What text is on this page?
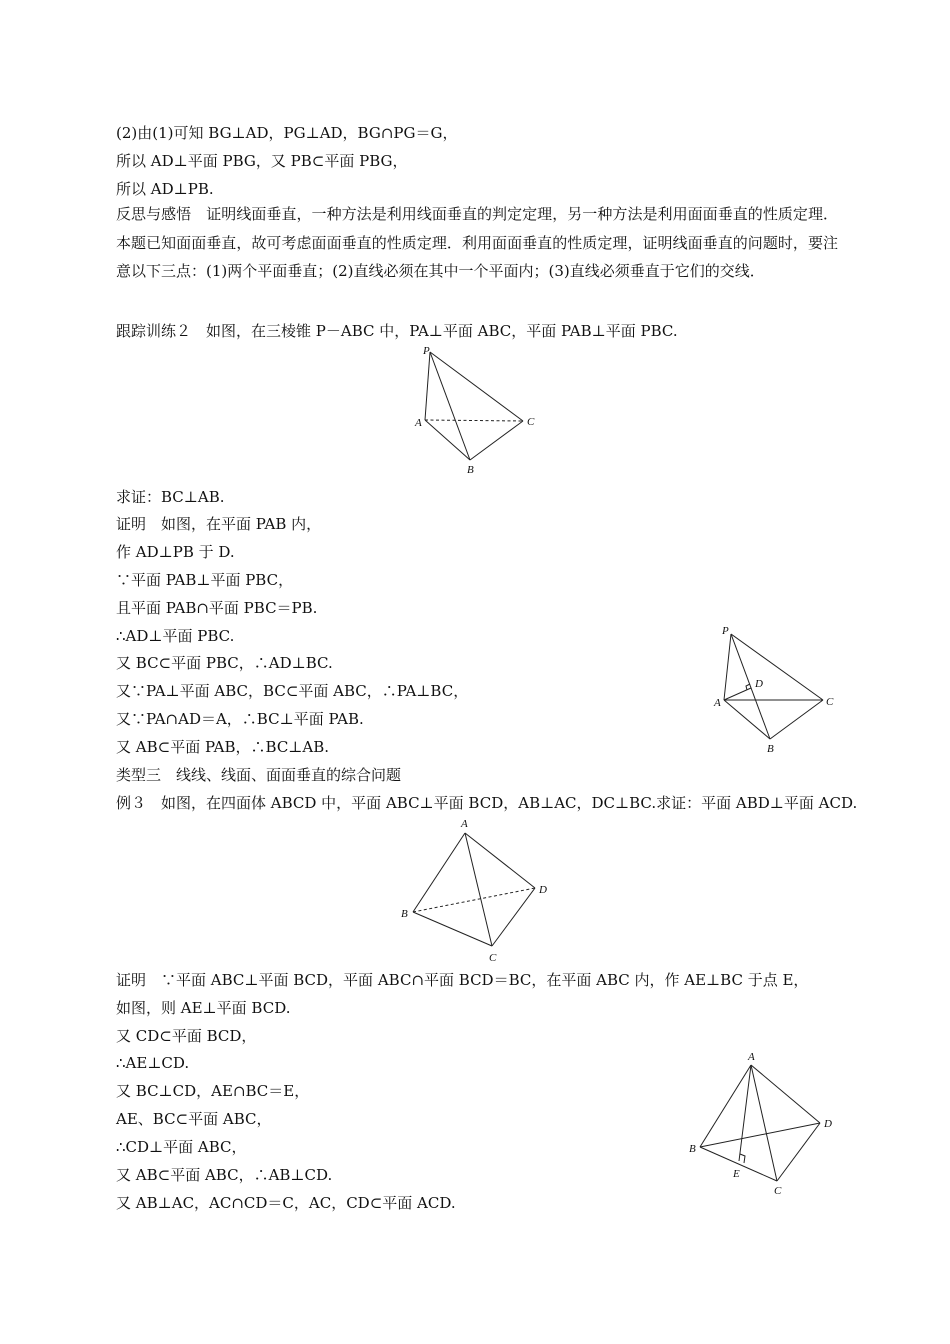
(2)由(1)可知 BG⊥AD，PG⊥AD，BG∩PG＝G，
所以 AD⊥平面 PBG，又 PB⊂平面 PBG，
所以 AD⊥PB.
反思与感悟　证明线面垂直，一种方法是利用线面垂直的判定定理，另一种方法是利用面面垂直的性质定理．本题已知面面垂直，故可考虑面面垂直的性质定理．利用面面垂直的性质定理，证明线面垂直的问题时，要注意以下三点：(1)两个平面垂直；(2)直线必须在其中一个平面内；(3)直线必须垂直于它们的交线．
跟踪训练２　如图，在三棱锥 P－ABC 中，PA⊥平面 ABC，平面 PAB⊥平面 PBC.
P
A	C
B
求证：BC⊥AB.
证明　如图，在平面 PAB 内，
作 AD⊥PB 于 D.
∵平面 PAB⊥平面 PBC，
且平面 PAB∩平面 PBC＝PB.
∴AD⊥平面 PBC.
又 BC⊂平面 PBC，∴AD⊥BC.
又∵PA⊥平面 ABC，BC⊂平面 ABC，∴PA⊥BC，
又∵PA∩AD＝A，∴BC⊥平面 PAB.
又 AB⊂平面 PAB，∴BC⊥AB.
P
D
A	C
B
类型三　线线、线面、面面垂直的综合问题
例３　如图，在四面体 ABCD 中，平面 ABC⊥平面 BCD，AB⊥AC，DC⊥BC.求证：平面 ABD⊥平面 ACD.
A
D
B
C
证明　∵平面 ABC⊥平面 BCD，平面 ABC∩平面 BCD＝BC，在平面 ABC 内，作 AE⊥BC 于点 E，
如图，则 AE⊥平面 BCD.
又 CD⊂平面 BCD，
∴AE⊥CD.
又 BC⊥CD，AE∩BC＝E，
AE、BC⊂平面 ABC，
∴CD⊥平面 ABC，
又 AB⊂平面 ABC，∴AB⊥CD.
又 AB⊥AC，AC∩CD＝C，AC，CD⊂平面 ACD.
A
D
B
E
C
